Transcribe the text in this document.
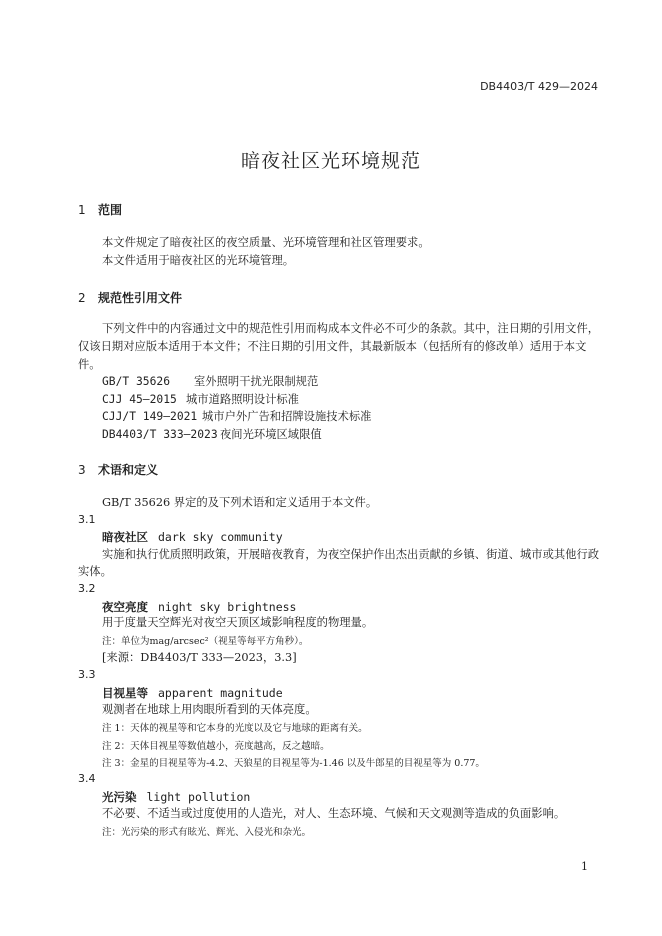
DB4403/T 429—2024
暗夜社区光环境规范
1 范围
本文件规定了暗夜社区的夜空质量、光环境管理和社区管理要求。
本文件适用于暗夜社区的光环境管理。
2 规范性引用文件
下列文件中的内容通过文中的规范性引用而构成本文件必不可少的条款。其中，注日期的引用文件，仅该日期对应版本适用于本文件；不注日期的引用文件，其最新版本（包括所有的修改单）适用于本文件。
GB/T 35626 室外照明干扰光限制规范
CJJ 45—2015 城市道路照明设计标准
CJJ/T 149—2021 城市户外广告和招牌设施技术标准
DB4403/T 333—2023 夜间光环境区域限值
3 术语和定义
GB/T 35626 界定的及下列术语和定义适用于本文件。
3.1
暗夜社区 dark sky community
实施和执行优质照明政策，开展暗夜教育，为夜空保护作出杰出贡献的乡镇、街道、城市或其他行政实体。
3.2
夜空亮度 night sky brightness
用于度量天空辉光对夜空天顶区域影响程度的物理量。
注：单位为mag/arcsec²（视星等每平方角秒）。
[来源：DB4403/T 333—2023，3.3]
3.3
目视星等 apparent magnitude
观测者在地球上用肉眼所看到的天体亮度。
注 1：天体的视星等和它本身的光度以及它与地球的距离有关。
注 2：天体目视星等数值越小，亮度越高，反之越暗。
注 3：金星的目视星等为-4.2、天狼星的目视星等为-1.46 以及牛郎星的目视星等为 0.77。
3.4
光污染 light pollution
不必要、不适当或过度使用的人造光，对人、生态环境、气候和天文观测等造成的负面影响。
注：光污染的形式有眩光、辉光、入侵光和杂光。
1
